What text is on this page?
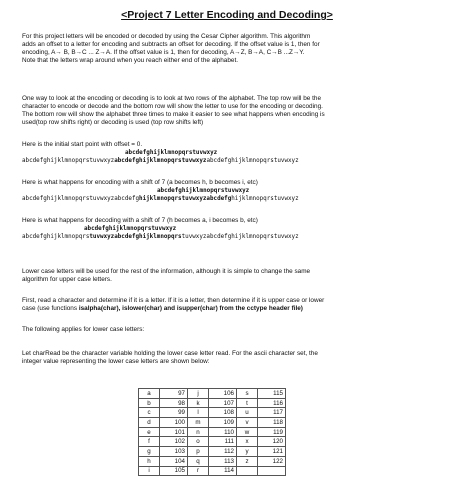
<Project 7 Letter Encoding and Decoding>
For this project letters will be encoded or decoded by using the Cesar Cipher algorithm. This algorithm
adds an offset to a letter for encoding and subtracts an offset for decoding. If the offset value is 1, then for
encoding, A→ B, B→C ... Z→A. If the offset value is 1, then for decoding, A→Z, B→A, C→B ...Z→Y.
Note that the letters wrap around when you reach either end of the alphabet.
One way to look at the encoding or decoding is to look at two rows of the alphabet. The top row will be the
character to encode or decode and the bottom row will show the letter to use for the encoding or decoding.
The bottom row will show the alphabet three times to make it easier to see what happens when encoding is
used(top row shifts right) or decoding is used (top row shifts left)
Here is the initial start point with offset = 0.
abcdefghijklmnopqrstuvwxyz
abcdefghijklmnopqrstuvwxyzabcdefghijklmnopqrstuvwxyzabcdefghijklmnopqrstuvwxyz
Here is what happens for encoding with a shift of 7 (a becomes h, b becomes i, etc)
abcdefghijklmnopqrstuvwxyz
abcdefghijklmnopqrstuvwxyzabcdefghijklmnopqrstuvwxyzabcdefghijklmnopqrstuvwxyz
Here is what happens for decoding with a shift of 7 (h becomes a, i becomes b, etc)
abcdefghijklmnopqrstuvwxyz
abcdefghijklmnopqrstuvwxyzabcdefghijklmnopqrstuvwxyzabcdefghijklmnopqrstuvwxyz
Lower case letters will be used for the rest of the information, although it is simple to change the same
algorithm for upper case letters.
First, read a character and determine if it is a letter. If it is a letter, then determine if it is upper case or lower
case (use functions isalpha(char), islower(char) and isupper(char) from the cctype header file)
The following applies for lower case letters:
Let charRead be the character variable holding the lower case letter read. For the ascii character set, the
integer value representing the lower case letters are shown below:
a	97	j	106	s	115
b	98	k	107	t	116
c	99	l	108	u	117
d	100	m	109	v	118
e	101	n	110	w	119
f	102	o	111	x	120
g	103	p	112	y	121
h	104	q	113	z	122
i	105	r	114		
